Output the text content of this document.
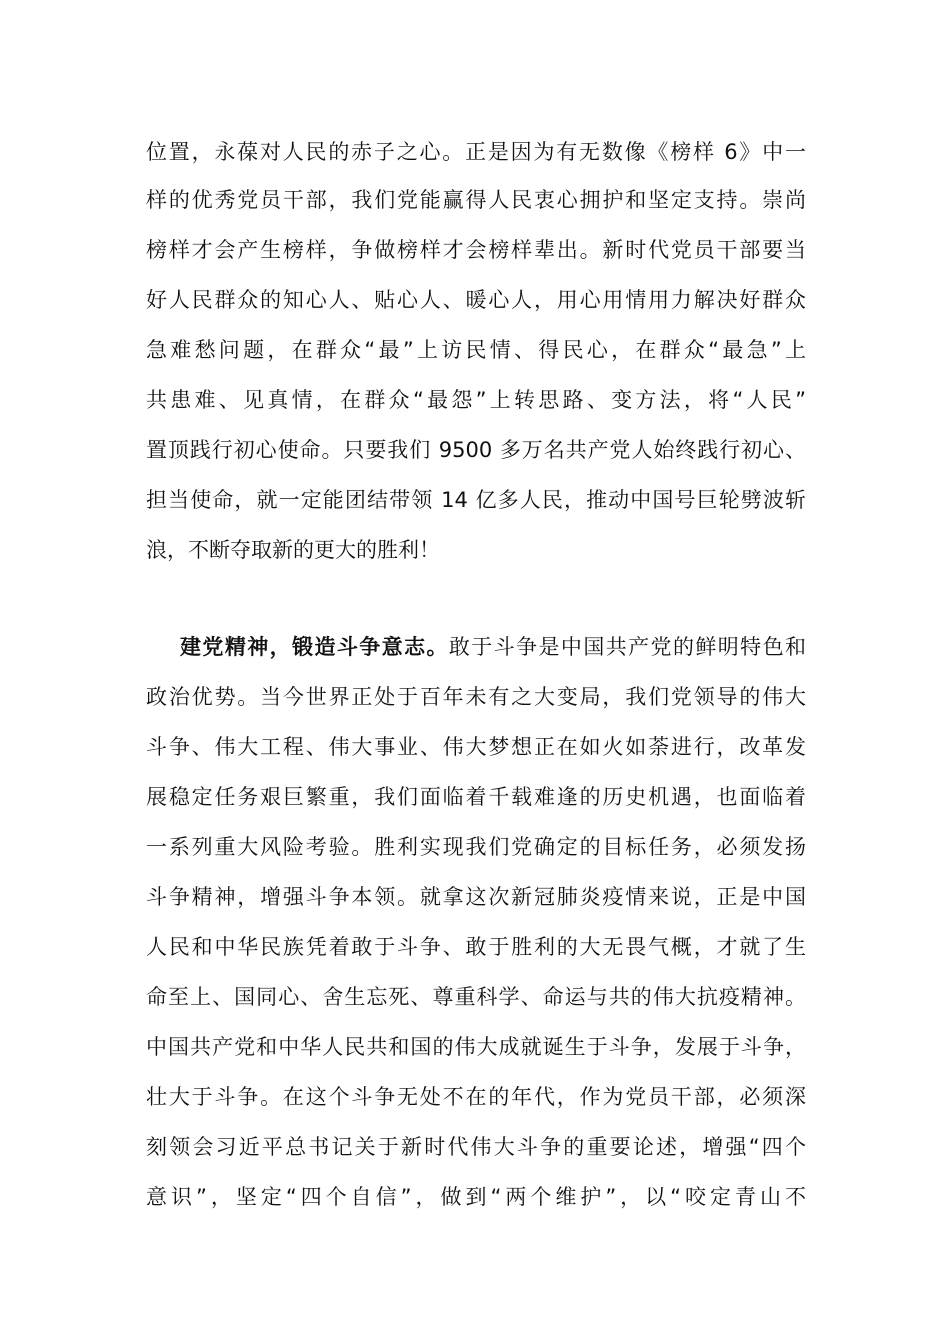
位置，永葆对人民的赤子之心。正是因为有无数像《榜样 6》中一
样的优秀党员干部，我们党能赢得人民衷心拥护和坚定支持。崇尚
榜样才会产生榜样，争做榜样才会榜样辈出。新时代党员干部要当
好人民群众的知心人、贴心人、暖心人，用心用情用力解决好群众
急难愁问题，在群众“最”上访民情、得民心，在群众“最急”上
共患难、见真情，在群众“最怨”上转思路、变方法，将“人民”
置顶践行初心使命。只要我们 9500 多万名共产党人始终践行初心、
担当使命，就一定能团结带领 14 亿多人民，推动中国号巨轮劈波斩
浪，不断夺取新的更大的胜利！
建党精神，锻造斗争意志。敢于斗争是中国共产党的鲜明特色和
政治优势。当今世界正处于百年未有之大变局，我们党领导的伟大
斗争、伟大工程、伟大事业、伟大梦想正在如火如荼进行，改革发
展稳定任务艰巨繁重，我们面临着千载难逢的历史机遇，也面临着
一系列重大风险考验。胜利实现我们党确定的目标任务，必须发扬
斗争精神，增强斗争本领。就拿这次新冠肺炎疫情来说，正是中国
人民和中华民族凭着敢于斗争、敢于胜利的大无畏气概，才就了生
命至上、国同心、舍生忘死、尊重科学、命运与共的伟大抗疫精神。
中国共产党和中华人民共和国的伟大成就诞生于斗争，发展于斗争，
壮大于斗争。在这个斗争无处不在的年代，作为党员干部，必须深
刻领会习近平总书记关于新时代伟大斗争的重要论述，增强“四个
意识”，坚定“四个自信”，做到“两个维护”，以“咬定青山不
